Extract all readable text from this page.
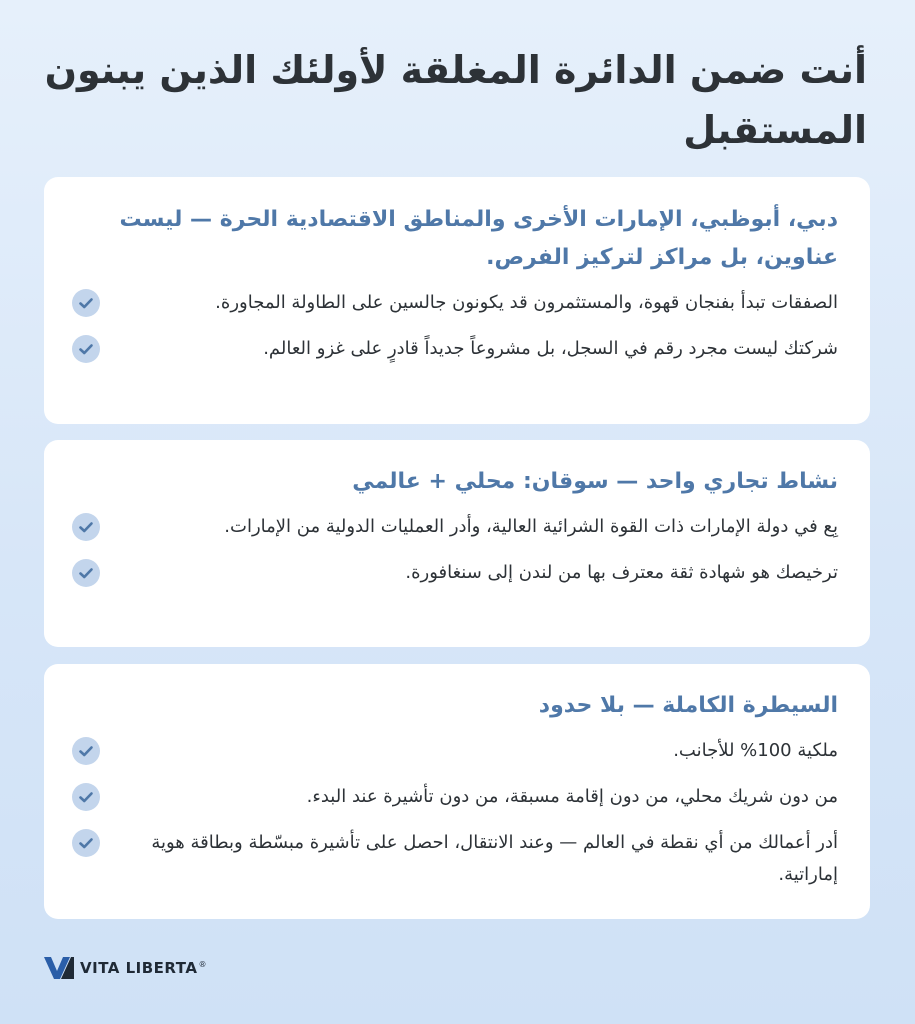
أنت ضمن الدائرة المغلقة لأولئك الذين يبنون المستقبل
دبي، أبوظبي، الإمارات الأخرى والمناطق الاقتصادية الحرة — ليست عناوين، بل مراكز لتركيز الفرص.
الصفقات تبدأ بفنجان قهوة، والمستثمرون قد يكونون جالسين على الطاولة المجاورة.
شركتك ليست مجرد رقم في السجل، بل مشروعاً جديداً قادرٍ على غزو العالم.
نشاط تجاري واحد — سوقان: محلي + عالمي
بِع في دولة الإمارات ذات القوة الشرائية العالية، وأدر العمليات الدولية من الإمارات.
ترخيصك هو شهادة ثقة معترف بها من لندن إلى سنغافورة.
السيطرة الكاملة — بلا حدود
ملكية 100% للأجانب.
من دون شريك محلي، من دون إقامة مسبقة، من دون تأشيرة عند البدء.
أدر أعمالك من أي نقطة في العالم — وعند الانتقال، احصل على تأشيرة مبسّطة وبطاقة هوية إماراتية.
VITA LIBERTA®
